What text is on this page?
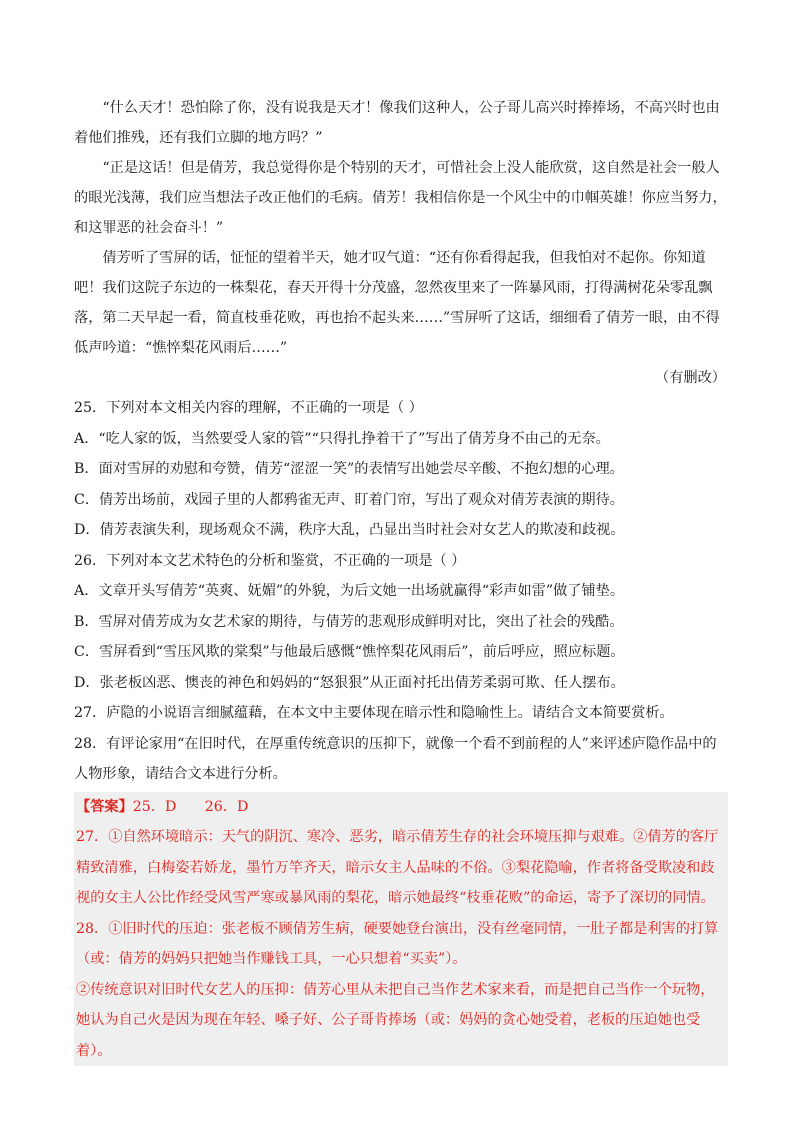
“什么天才！恐怕除了你，没有说我是天才！像我们这种人，公子哥儿高兴时捧捧场，不高兴时也由着他们推残，还有我们立脚的地方吗？”

“正是这话！但是倩芳，我总觉得你是个特别的天才，可惜社会上没人能欣赏，这自然是社会一般人的眼光浅薄，我们应当想法子改正他们的毛病。倩芳！我相信你是一个风尘中的巾帼英雄！你应当努力，和这罪恶的社会奋斗！”

倩芳听了雪屏的话，怔怔的望着半天，她才叹气道：“还有你看得起我，但我怕对不起你。你知道吧！我们这院子东边的一株梨花，春天开得十分茂盛，忽然夜里来了一阵暴风雨，打得满树花朵零乱飘落，第二天早起一看，简直枝垂花败，再也抬不起头来……”雪屏听了这话，细细看了倩芳一眼，由不得低声吟道：“憔悴梨花风雨后……”

（有删改）

25．下列对本文相关内容的理解，不正确的一项是（ ）

A．“吃人家的饭，当然要受人家的管”“只得扎挣着干了”写出了倩芳身不由己的无奈。

B．面对雪屏的劝慰和夸赞，倩芳“涩涩一笑”的表情写出她尝尽辛酸、不抱幻想的心理。

C．倩芳出场前，戏园子里的人都鸦雀无声、盯着门帘，写出了观众对倩芳表演的期待。

D．倩芳表演失利，现场观众不满，秩序大乱，凸显出当时社会对女艺人的欺凌和歧视。

26．下列对本文艺术特色的分析和鉴赏，不正确的一项是（ ）

A．文章开头写倩芳“英爽、妩媚”的外貌，为后文她一出场就赢得“彩声如雷”做了铺垫。

B．雪屏对倩芳成为女艺术家的期待，与倩芳的悲观形成鲜明对比，突出了社会的残酷。

C．雪屏看到“雪压风欺的棠梨”与他最后感慨“憔悴梨花风雨后”，前后呼应，照应标题。

D．张老板凶恶、懊丧的神色和妈妈的“怒狠狠”从正面衬托出倩芳柔弱可欺、任人摆布。

27．庐隐的小说语言细腻蕴藉，在本文中主要体现在暗示性和隐喻性上。请结合文本简要赏析。

28．有评论家用“在旧时代，在厚重传统意识的压抑下，就像一个看不到前程的人”来评述庐隐作品中的人物形象，请结合文本进行分析。

【答案】25．D　　26．D

27．①自然环境暗示：天气的阴沉、寒冷、恶劣，暗示倩芳生存的社会环境压抑与艰难。②倩芳的客厅精致清雅，白梅姿若娇龙，墨竹万竿齐天，暗示女主人品味的不俗。③梨花隐喻，作者将备受欺凌和歧视的女主人公比作经受风雪严寒或暴风雨的梨花，暗示她最终“枝垂花败”的命运，寄予了深切的同情。

28．①旧时代的压迫：张老板不顾倩芳生病，硬要她登台演出，没有丝毫同情，一肚子都是利害的打算（或：倩芳的妈妈只把她当作赚钱工具，一心只想着“买卖”）。

②传统意识对旧时代女艺人的压抑：倩芳心里从未把自己当作艺术家来看，而是把自己当作一个玩物，她认为自己火是因为现在年轻、嗓子好、公子哥肯捧场（或：妈妈的贪心她受着，老板的压迫她也受着）。
